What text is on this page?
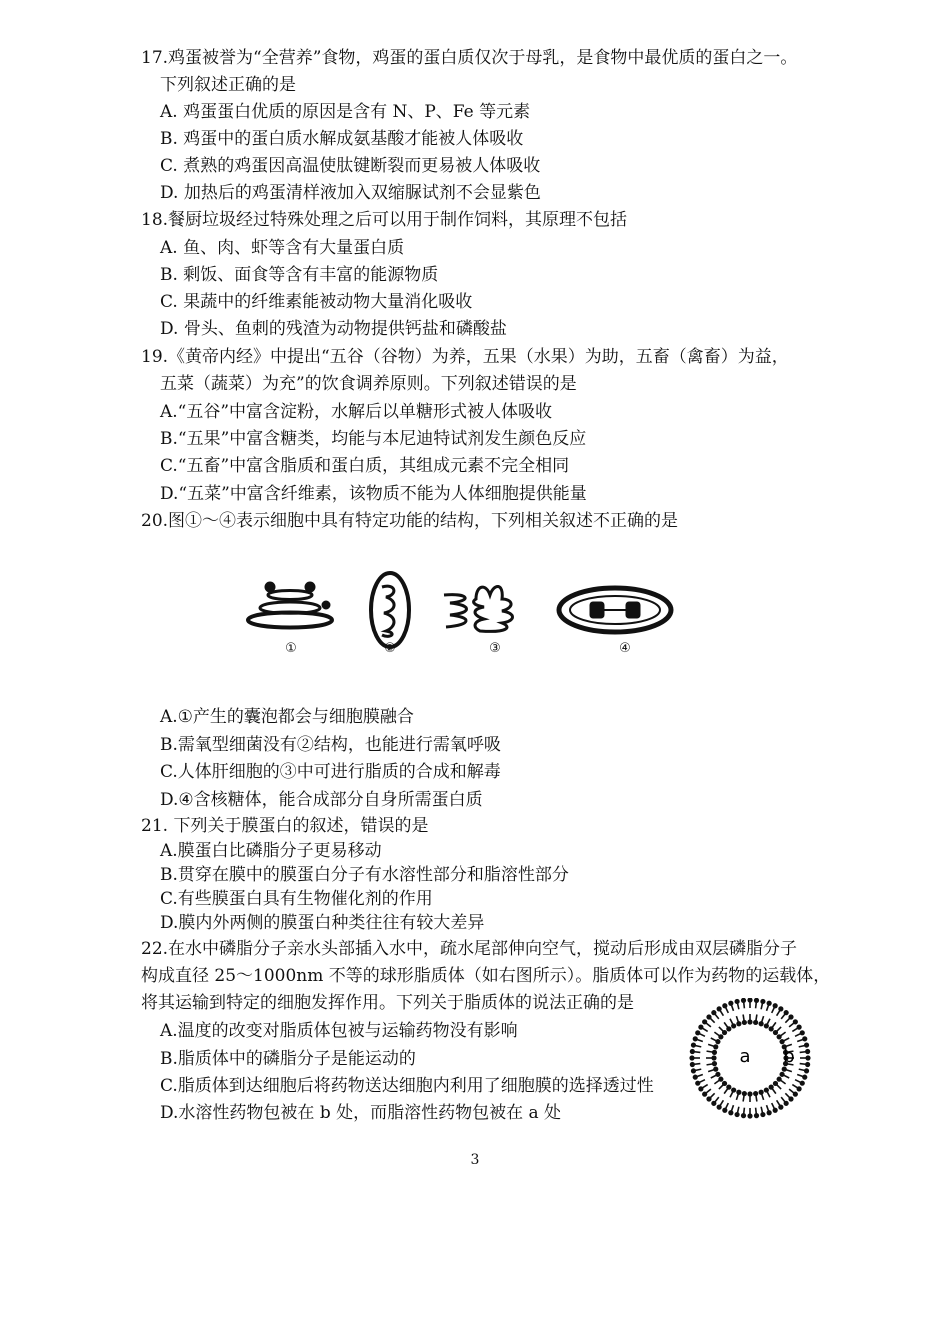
17.鸡蛋被誉为“全营养”食物，鸡蛋的蛋白质仅次于母乳，是食物中最优质的蛋白之一。
下列叙述正确的是
A. 鸡蛋蛋白优质的原因是含有 N、P、Fe 等元素
B. 鸡蛋中的蛋白质水解成氨基酸才能被人体吸收
C. 煮熟的鸡蛋因高温使肽键断裂而更易被人体吸收
D. 加热后的鸡蛋清样液加入双缩脲试剂不会显紫色
18.餐厨垃圾经过特殊处理之后可以用于制作饲料，其原理不包括
A. 鱼、肉、虾等含有大量蛋白质
B. 剩饭、面食等含有丰富的能源物质
C. 果蔬中的纤维素能被动物大量消化吸收
D. 骨头、鱼刺的残渣为动物提供钙盐和磷酸盐
19.《黄帝内经》中提出“五谷（谷物）为养，五果（水果）为助，五畜（禽畜）为益，
五菜（蔬菜）为充”的饮食调养原则。下列叙述错误的是
A.“五谷”中富含淀粉，水解后以单糖形式被人体吸收
B.“五果”中富含糖类，均能与本尼迪特试剂发生颜色反应
C.“五畜”中富含脂质和蛋白质，其组成元素不完全相同
D.“五菜”中富含纤维素，该物质不能为人体细胞提供能量
20.图①～④表示细胞中具有特定功能的结构，下列相关叙述不正确的是
①	②	③	④
A.①产生的囊泡都会与细胞膜融合
B.需氧型细菌没有②结构，也能进行需氧呼吸
C.人体肝细胞的③中可进行脂质的合成和解毒
D.④含核糖体，能合成部分自身所需蛋白质
21. 下列关于膜蛋白的叙述，错误的是
A.膜蛋白比磷脂分子更易移动
B.贯穿在膜中的膜蛋白分子有水溶性部分和脂溶性部分
C.有些膜蛋白具有生物催化剂的作用
D.膜内外两侧的膜蛋白种类往往有较大差异
22.在水中磷脂分子亲水头部插入水中，疏水尾部伸向空气，搅动后形成由双层磷脂分子
构成直径 25～1000nm 不等的球形脂质体（如右图所示）。脂质体可以作为药物的运载体，
将其运输到特定的细胞发挥作用。下列关于脂质体的说法正确的是
A.温度的改变对脂质体包被与运输药物没有影响
B.脂质体中的磷脂分子是能运动的
C.脂质体到达细胞后将药物送达细胞内利用了细胞膜的选择透过性
D.水溶性药物包被在 b 处，而脂溶性药物包被在 a 处
a b
3
